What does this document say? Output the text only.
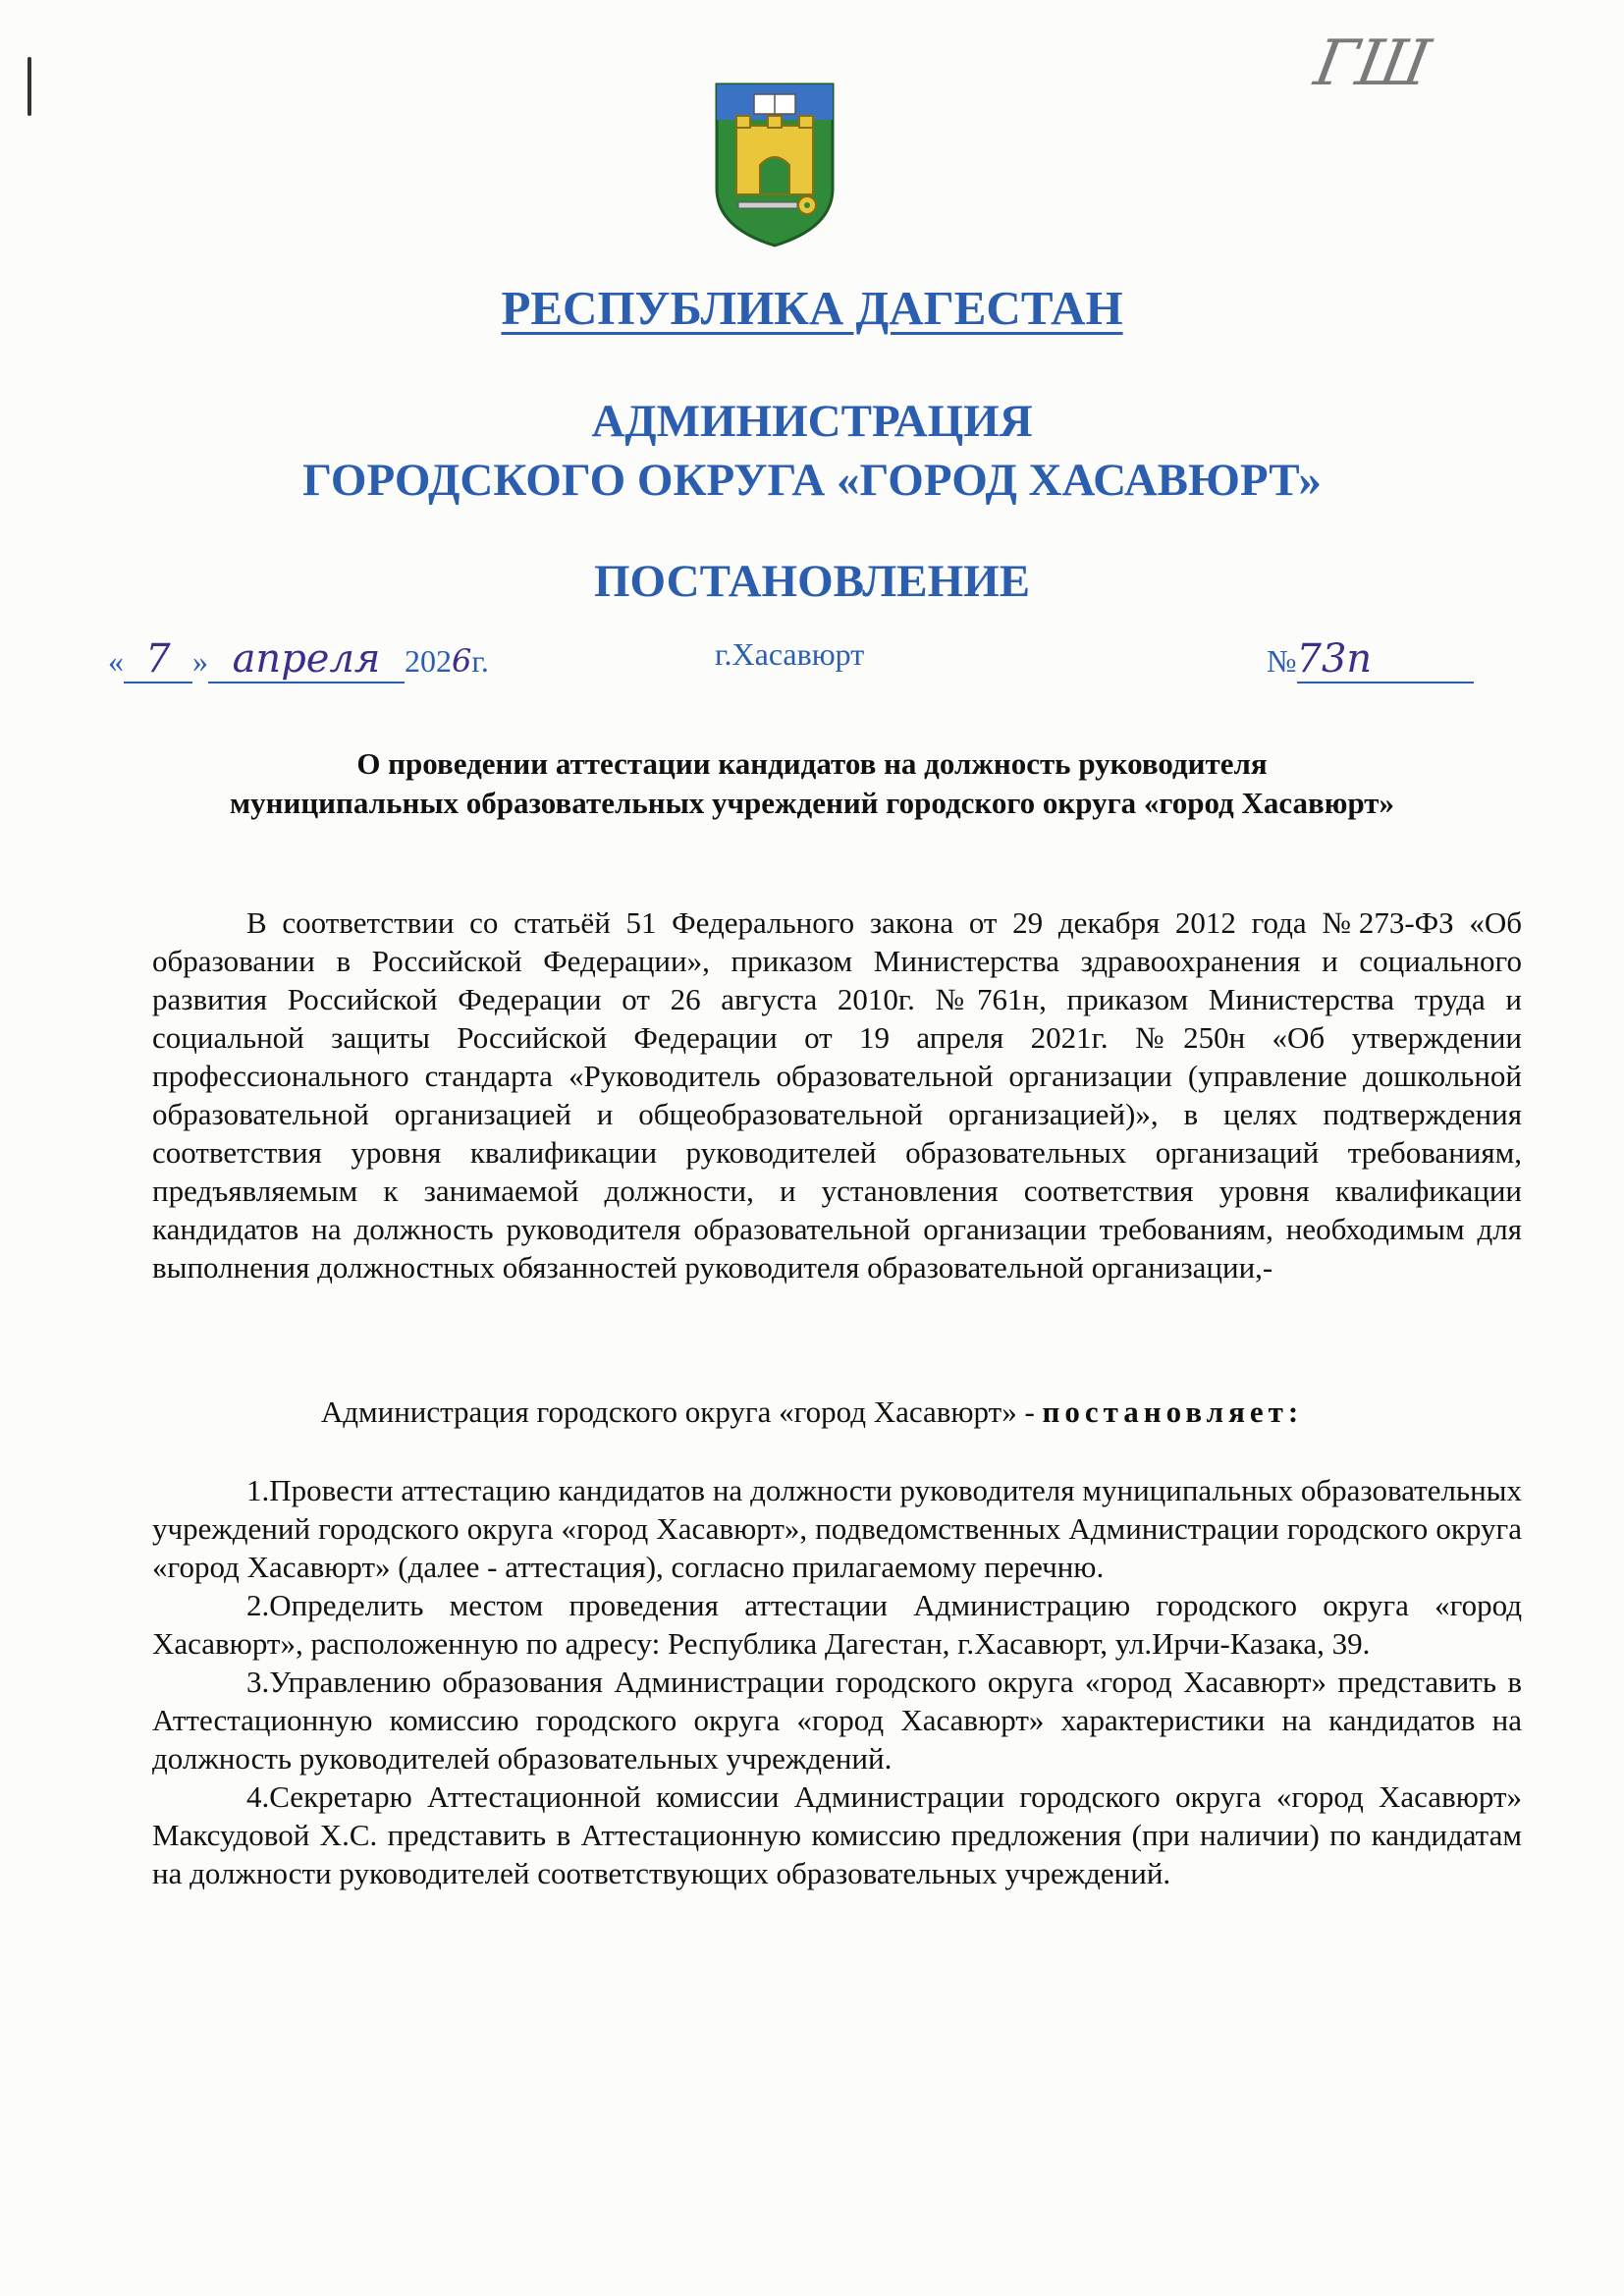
ГШ
РЕСПУБЛИКА ДАГЕСТАН
АДМИНИСТРАЦИЯ
ГОРОДСКОГО ОКРУГА «ГОРОД ХАСАВЮРТ»
ПОСТАНОВЛЕНИЕ
« 7 » апреля 2026г.	г.Хасавюрт	№73п
О проведении аттестации кандидатов на должность руководителя
муниципальных образовательных учреждений городского округа «город Хасавюрт»

В соответствии со статьёй 51 Федерального закона от 29 декабря 2012 года №273-ФЗ «Об образовании в Российской Федерации», приказом Министерства здравоохранения и социального развития Российской Федерации от 26 августа 2010г. №761н, приказом Министерства труда и социальной защиты Российской Федерации от 19 апреля 2021г. №250н «Об утверждении профессионального стандарта «Руководитель образовательной организации (управление дошкольной образовательной организацией и общеобразовательной организацией)», в целях подтверждения соответствия уровня квалификации руководителей образовательных организаций требованиям, предъявляемым к занимаемой должности, и установления соответствия уровня квалификации кандидатов на должность руководителя образовательной организации требованиям, необходимым для выполнения должностных обязанностей руководителя образовательной организации,-

Администрация городского округа «город Хасавюрт» - постановляет:

1.Провести аттестацию кандидатов на должности руководителя муниципальных образовательных учреждений городского округа «город Хасавюрт», подведомственных Администрации городского округа «город Хасавюрт» (далее - аттестация), согласно прилагаемому перечню.

2.Определить местом проведения аттестации Администрацию городского округа «город Хасавюрт», расположенную по адресу: Республика Дагестан, г.Хасавюрт, ул.Ирчи-Казака, 39.

3.Управлению образования Администрации городского округа «город Хасавюрт» представить в Аттестационную комиссию городского округа «город Хасавюрт» характеристики на кандидатов на должность руководителей образовательных учреждений.

4.Секретарю Аттестационной комиссии Администрации городского округа «город Хасавюрт» Максудовой Х.С. представить в Аттестационную комиссию предложения (при наличии) по кандидатам на должности руководителей соответствующих образовательных учреждений.
